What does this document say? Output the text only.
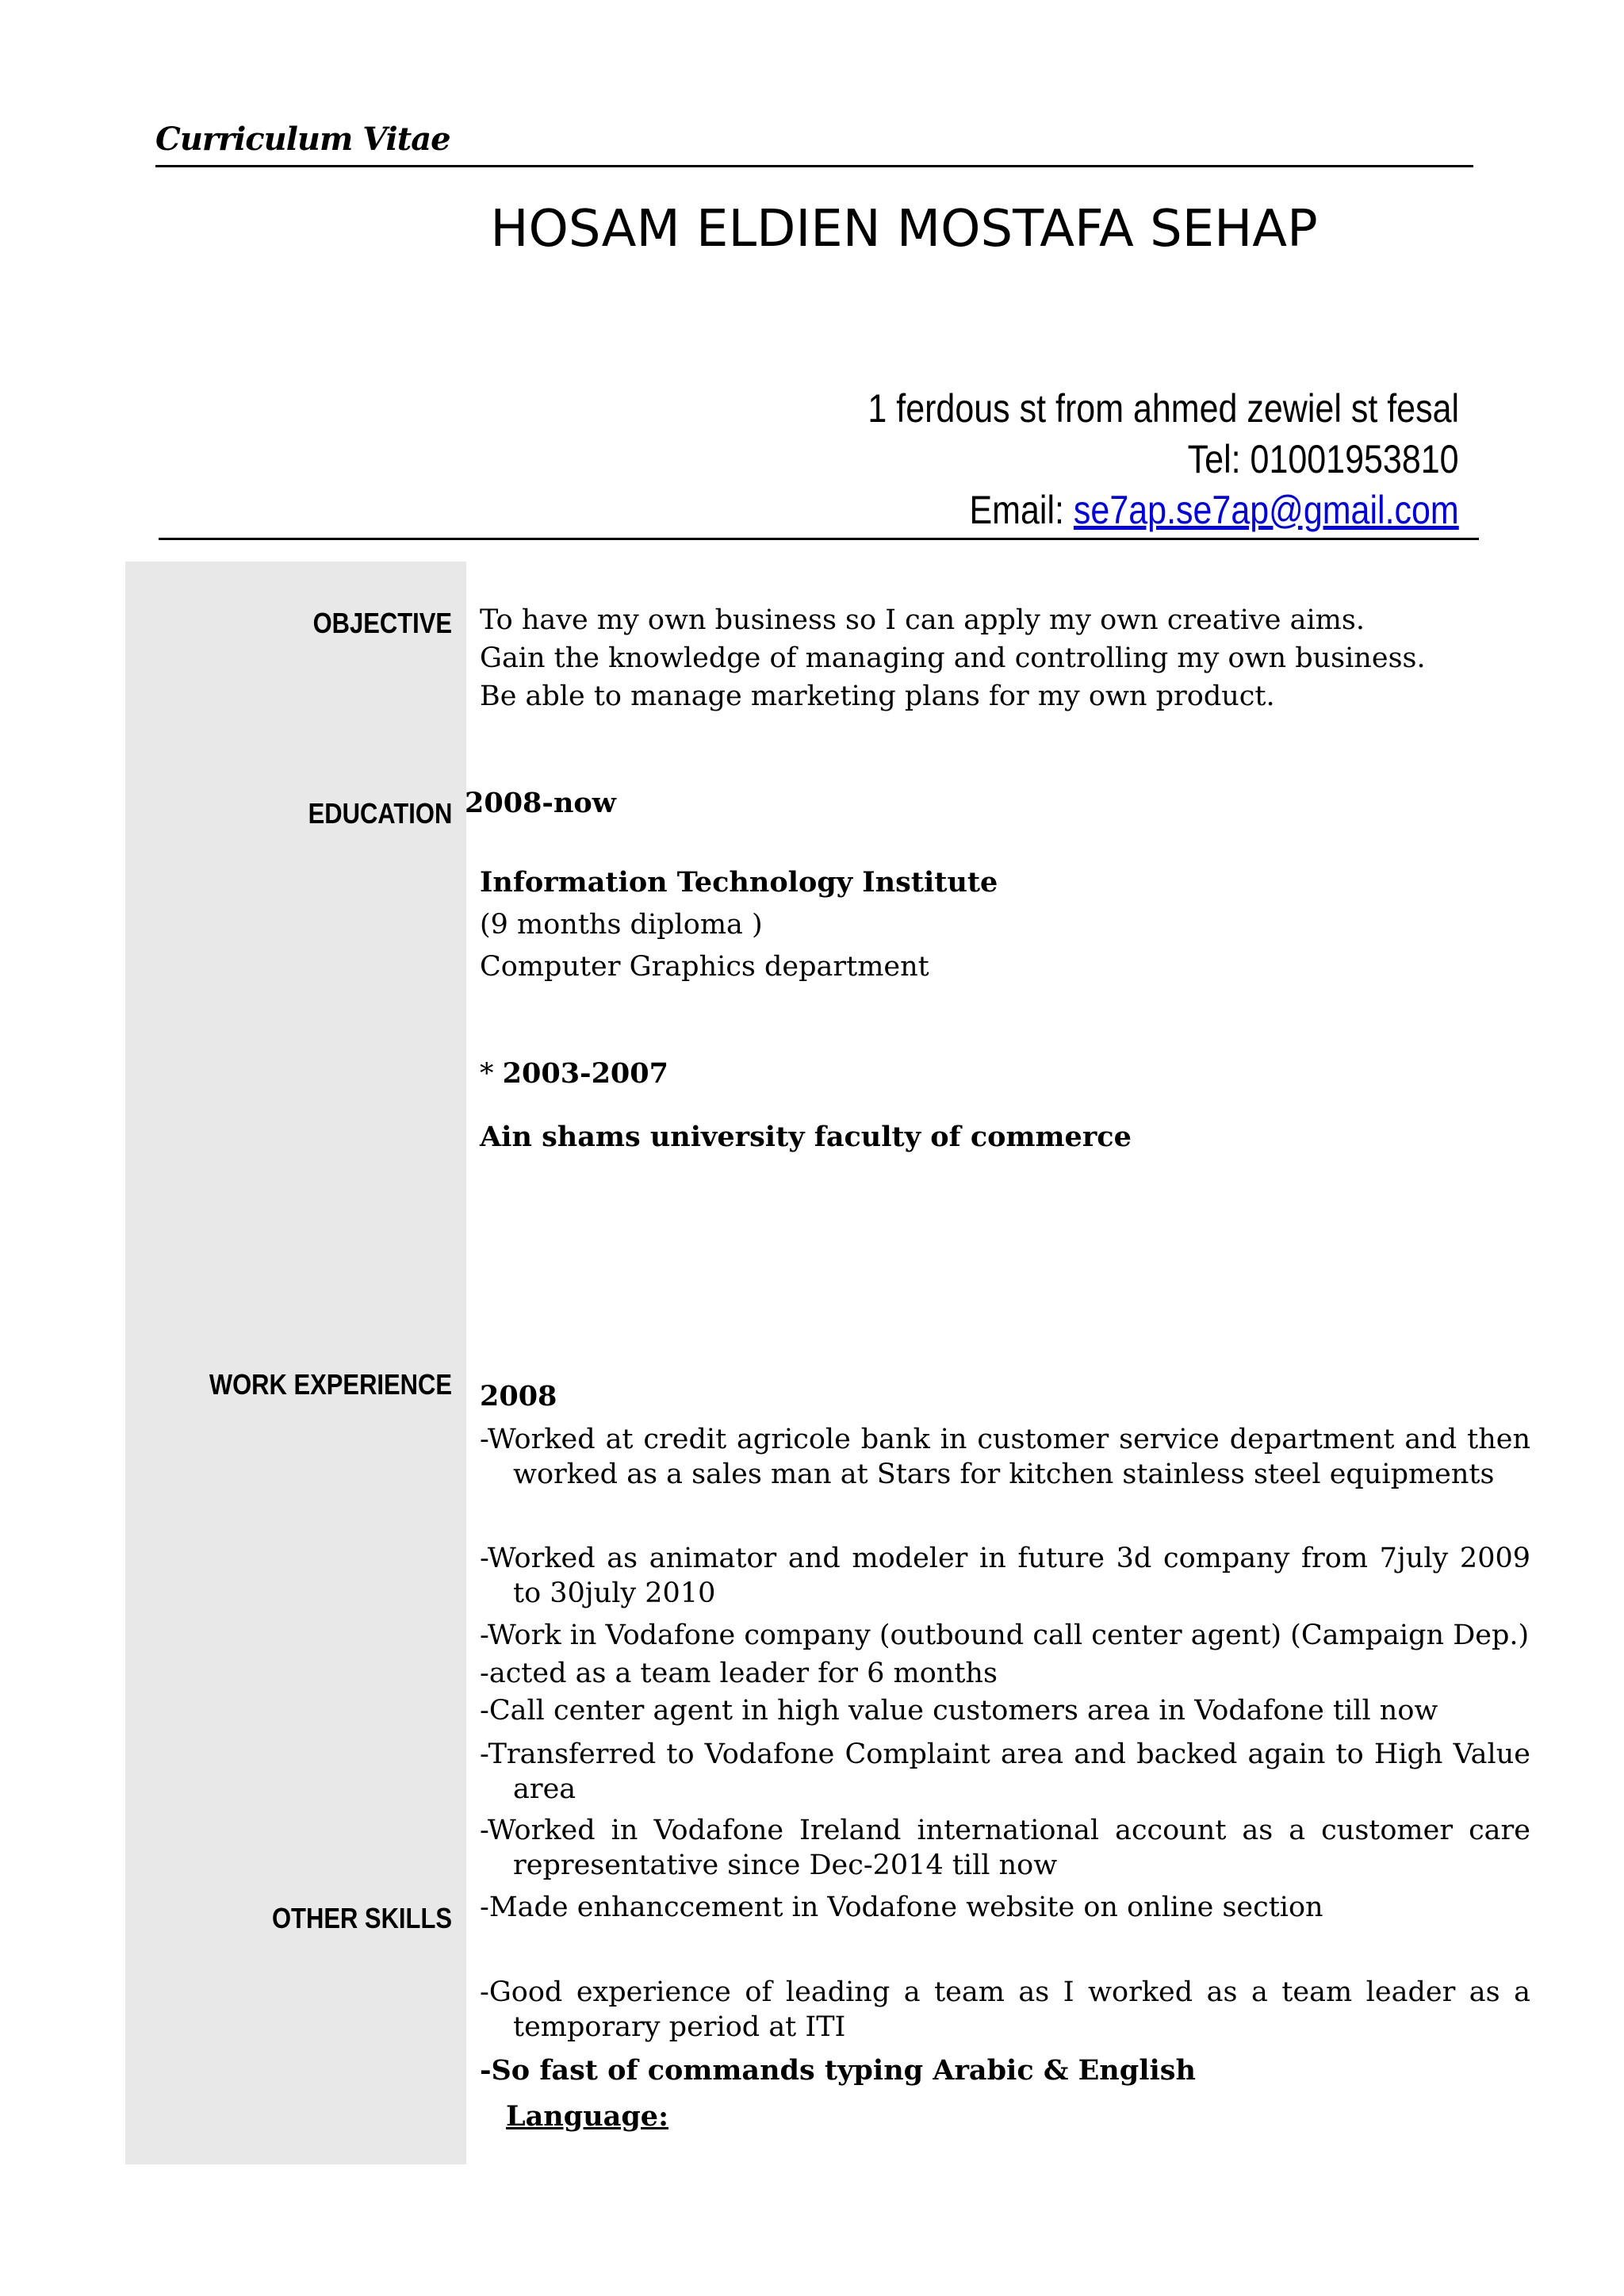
Curriculum Vitae
HOSAM ELDIEN MOSTAFA SEHAP
1 ferdous st from ahmed zewiel st fesal
Tel: 01001953810
Email: se7ap.se7ap@gmail.com
OBJECTIVE
EDUCATION
WORK EXPERIENCE
OTHER SKILLS
To have my own business so I can apply my own creative aims.
Gain the knowledge of managing and controlling my own business.
Be able to manage marketing plans for my own product.
2008-now
Information Technology Institute
(9 months diploma )
Computer Graphics department
* 2003-2007
Ain shams university faculty of commerce
2008
-Worked at credit agricole bank in customer service department and then worked as a sales man at Stars for kitchen stainless steel equipments
-Worked as animator and modeler in future 3d company from 7july 2009 to 30july 2010
-Work in Vodafone company (outbound call center agent) (Campaign Dep.)
-acted as a team leader for 6 months
-Call center agent in high value customers area in Vodafone till now
-Transferred to Vodafone Complaint area and backed again to High Value area
-Worked in Vodafone Ireland international account as a customer care representative since Dec-2014 till now
-Made enhanccement in Vodafone website on online section
-Good experience of leading a team as I worked as a team leader as a temporary period at ITI
-So fast of commands typing Arabic & English
Language:
